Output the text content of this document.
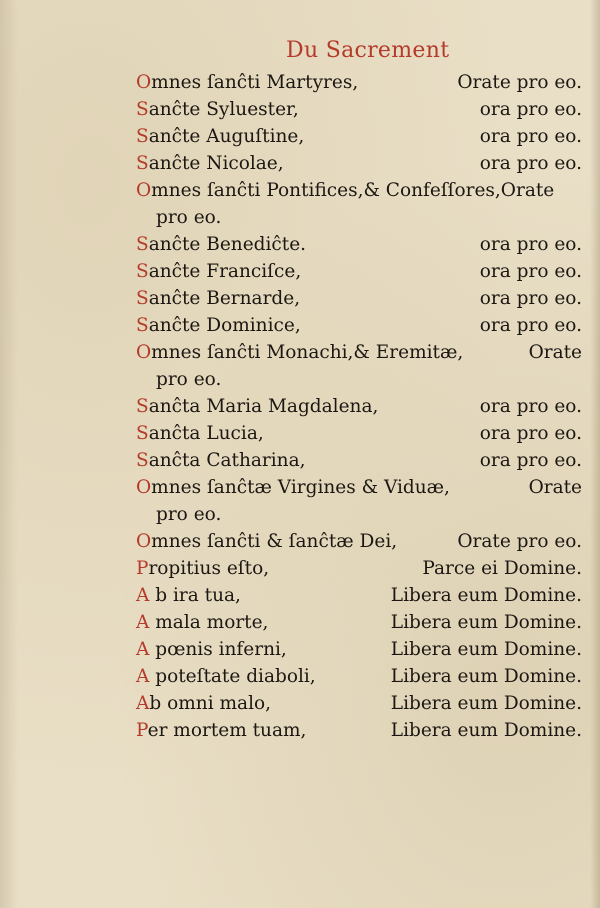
Du Sacrement
Omnes ſanĉti Martyres,	Orate pro eo.
Sanĉte Syluester,	ora pro eo.
Sanĉte Auguſtine,	ora pro eo.
Sanĉte Nicolae,	ora pro eo.
Omnes ſanĉti Pontifices,& Confeſſores,Orate
pro eo.
Sanĉte Benediĉte.	ora pro eo.
Sanĉte Franciſce,	ora pro eo.
Sanĉte Bernarde,	ora pro eo.
Sanĉte Dominice,	ora pro eo.
Omnes ſanĉti Monachi,& Eremitæ,	Orate
pro eo.
Sanĉta Maria Magdalena,	ora pro eo.
Sanĉta Lucia,	ora pro eo.
Sanĉta Catharina,	ora pro eo.
Omnes ſanĉtæ Virgines & Viduæ,	Orate
pro eo.
Omnes ſanĉti & ſanĉtæ Dei,	Orate pro eo.
Propitius eſto,	Parce ei Domine.
A b ira tua,	Libera eum Domine.
A mala morte,	Libera eum Domine.
A pœnis inferni,	Libera eum Domine.
A poteſtate diaboli,	Libera eum Domine.
Ab omni malo,	Libera eum Domine.
Per mortem tuam,	Libera eum Domine.
